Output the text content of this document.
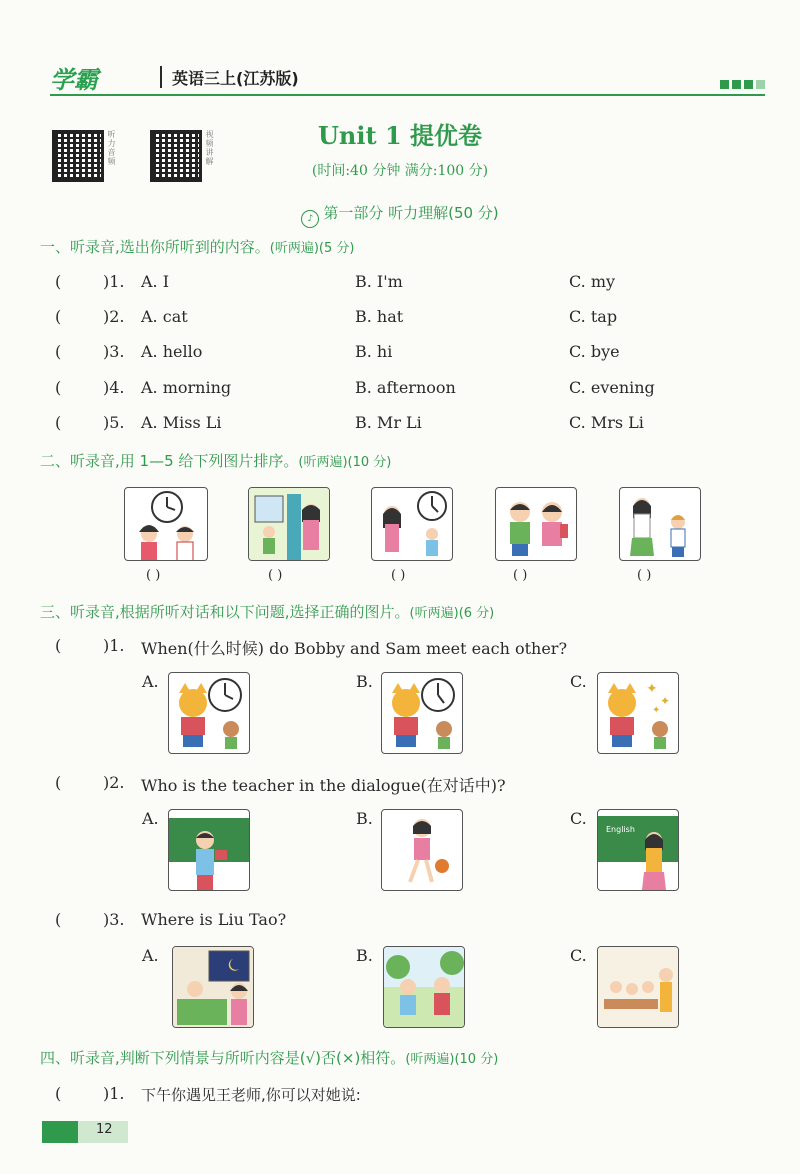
学霸	英语三上(江苏版)
听力音频	视频讲解	Unit 1 提优卷
(时间:40 分钟 满分:100 分)
♪ 第一部分 听力理解(50 分)
一、听录音,选出你所听到的内容。(听两遍)(5 分)
(	)1. A. I	B. I'm	C. my
(	)2. A. cat	B. hat	C. tap
(	)3. A. hello	B. hi	C. bye
(	)4. A. morning	B. afternoon	C. evening
(	)5. A. Miss Li	B. Mr Li	C. Mrs Li
二、听录音,用 1—5 给下列图片排序。(听两遍)(10 分)
( )	( )	( )	( )	( )
三、听录音,根据所听对话和以下问题,选择正确的图片。(听两遍)(6 分)
(	)1. When(什么时候) do Bobby and Sam meet each other?
A.	B.	C.	✦
✦
✦
(	)2. Who is the teacher in the dialogue(在对话中)?
A.	B.	C.
English
(	)3. Where is Liu Tao?
A.	B.	C.
四、听录音,判断下列情景与所听内容是(√)否(×)相符。(听两遍)(10 分)
(	)1. 下午你遇见王老师,你可以对她说:
12
